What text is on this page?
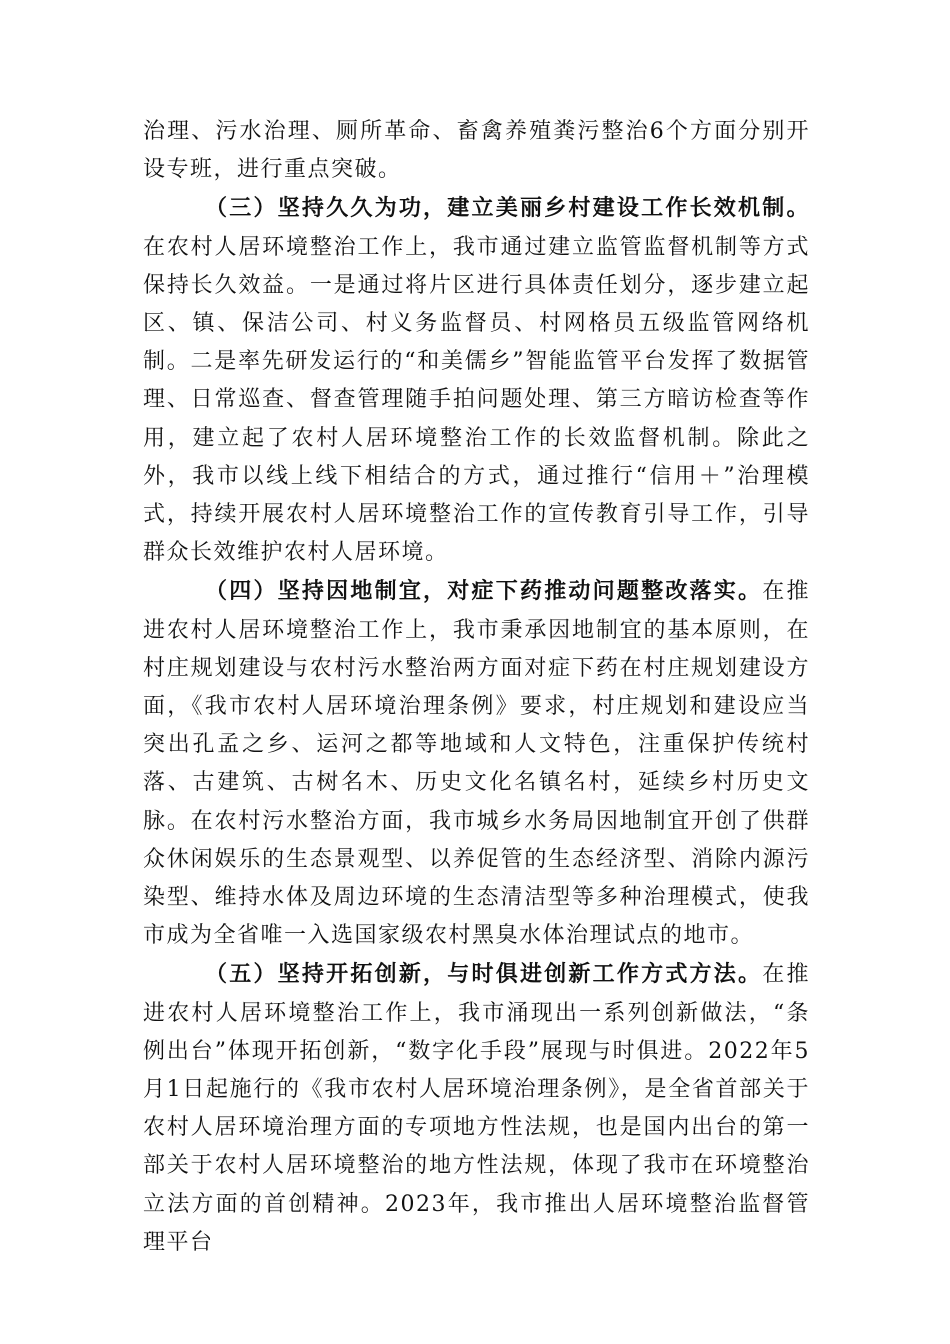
治理、污水治理、厕所革命、畜禽养殖粪污整治6个方面分别开设专班，进行重点突破。

（三）坚持久久为功，建立美丽乡村建设工作长效机制。在农村人居环境整治工作上，我市通过建立监管监督机制等方式保持长久效益。一是通过将片区进行具体责任划分，逐步建立起区、镇、保洁公司、村义务监督员、村网格员五级监管网络机制。二是率先研发运行的“和美儒乡”智能监管平台发挥了数据管理、日常巡查、督查管理随手拍问题处理、第三方暗访检查等作用，建立起了农村人居环境整治工作的长效监督机制。除此之外，我市以线上线下相结合的方式，通过推行“信用＋”治理模式，持续开展农村人居环境整治工作的宣传教育引导工作，引导群众长效维护农村人居环境。

（四）坚持因地制宜，对症下药推动问题整改落实。在推进农村人居环境整治工作上，我市秉承因地制宜的基本原则，在村庄规划建设与农村污水整治两方面对症下药在村庄规划建设方面，《我市农村人居环境治理条例》要求，村庄规划和建设应当突出孔孟之乡、运河之都等地域和人文特色，注重保护传统村落、古建筑、古树名木、历史文化名镇名村，延续乡村历史文脉。在农村污水整治方面，我市城乡水务局因地制宜开创了供群众休闲娱乐的生态景观型、以养促管的生态经济型、消除内源污染型、维持水体及周边环境的生态清洁型等多种治理模式，使我市成为全省唯一入选国家级农村黑臭水体治理试点的地市。

（五）坚持开拓创新，与时俱进创新工作方式方法。在推进农村人居环境整治工作上，我市涌现出一系列创新做法，“条例出台”体现开拓创新，“数字化手段”展现与时俱进。2022年5月1日起施行的《我市农村人居环境治理条例》，是全省首部关于农村人居环境治理方面的专项地方性法规，也是国内出台的第一部关于农村人居环境整治的地方性法规，体现了我市在环境整治立法方面的首创精神。2023年，我市推出人居环境整治监督管理平台
